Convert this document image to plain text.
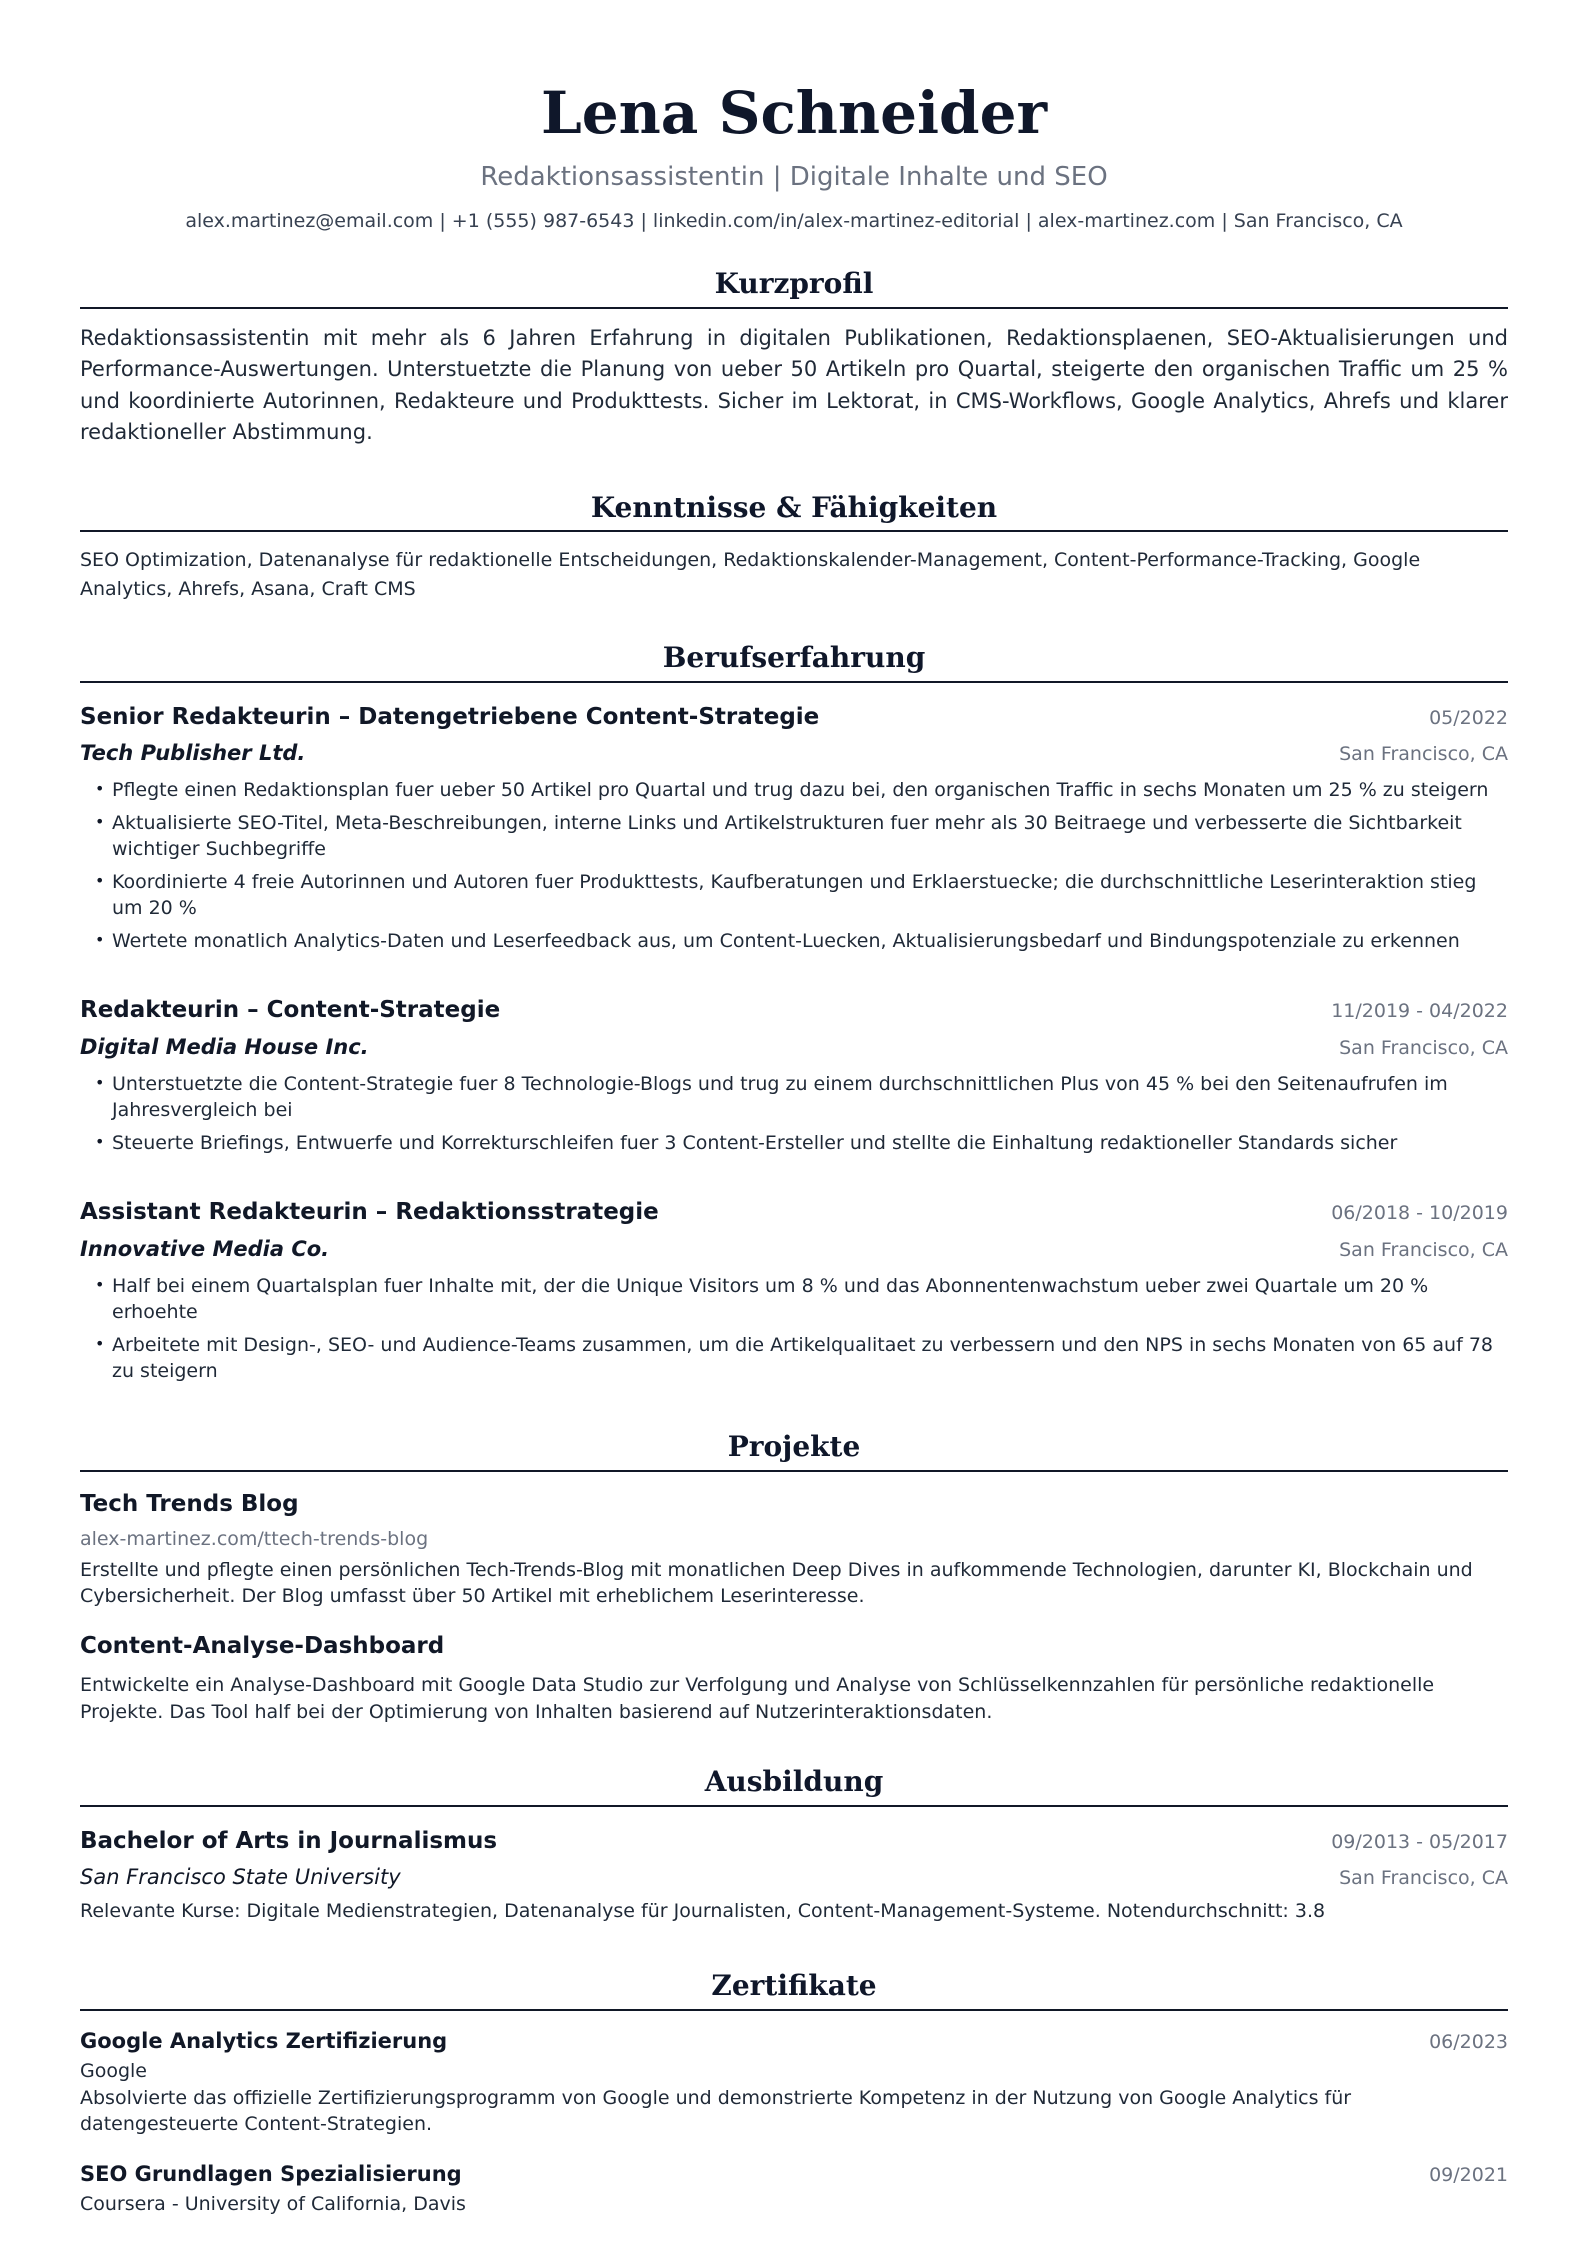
Lena Schneider
Redaktionsassistentin | Digitale Inhalte und SEO
alex.martinez@email.com | +1 (555) 987-6543 | linkedin.com/in/alex-martinez-editorial | alex-martinez.com | San Francisco, CA
Kurzprofil
Redaktionsassistentin mit mehr als 6 Jahren Erfahrung in digitalen Publikationen, Redaktionsplaenen, SEO-Aktualisierungen und Performance-Auswertungen. Unterstuetzte die Planung von ueber 50 Artikeln pro Quartal, steigerte den organischen Traffic um 25 % und koordinierte Autorinnen, Redakteure und Produkttests. Sicher im Lektorat, in CMS-Workflows, Google Analytics, Ahrefs und klarer redaktioneller Abstimmung.
Kenntnisse & Fähigkeiten
SEO Optimization, Datenanalyse für redaktionelle Entscheidungen, Redaktionskalender-Management, Content-Performance-Tracking, Google Analytics, Ahrefs, Asana, Craft CMS
Berufserfahrung
Senior Redakteurin – Datengetriebene Content-Strategie	05/2022
Tech Publisher Ltd.	San Francisco, CA
• Pflegte einen Redaktionsplan fuer ueber 50 Artikel pro Quartal und trug dazu bei, den organischen Traffic in sechs Monaten um 25 % zu steigern
• Aktualisierte SEO-Titel, Meta-Beschreibungen, interne Links und Artikelstrukturen fuer mehr als 30 Beitraege und verbesserte die Sichtbarkeit wichtiger Suchbegriffe
• Koordinierte 4 freie Autorinnen und Autoren fuer Produkttests, Kaufberatungen und Erklaerstuecke; die durchschnittliche Leserinteraktion stieg um 20 %
• Wertete monatlich Analytics-Daten und Leserfeedback aus, um Content-Luecken, Aktualisierungsbedarf und Bindungspotenziale zu erkennen
Redakteurin – Content-Strategie	11/2019 - 04/2022
Digital Media House Inc.	San Francisco, CA
• Unterstuetzte die Content-Strategie fuer 8 Technologie-Blogs und trug zu einem durchschnittlichen Plus von 45 % bei den Seitenaufrufen im Jahresvergleich bei
• Steuerte Briefings, Entwuerfe und Korrekturschleifen fuer 3 Content-Ersteller und stellte die Einhaltung redaktioneller Standards sicher
Assistant Redakteurin – Redaktionsstrategie	06/2018 - 10/2019
Innovative Media Co.	San Francisco, CA
• Half bei einem Quartalsplan fuer Inhalte mit, der die Unique Visitors um 8 % und das Abonnentenwachstum ueber zwei Quartale um 20 % erhoehte
• Arbeitete mit Design-, SEO- und Audience-Teams zusammen, um die Artikelqualitaet zu verbessern und den NPS in sechs Monaten von 65 auf 78 zu steigern
Projekte
Tech Trends Blog
alex-martinez.com/ttech-trends-blog
Erstellte und pflegte einen persönlichen Tech-Trends-Blog mit monatlichen Deep Dives in aufkommende Technologien, darunter KI, Blockchain und Cybersicherheit. Der Blog umfasst über 50 Artikel mit erheblichem Leserinteresse.
Content-Analyse-Dashboard
Entwickelte ein Analyse-Dashboard mit Google Data Studio zur Verfolgung und Analyse von Schlüsselkennzahlen für persönliche redaktionelle Projekte. Das Tool half bei der Optimierung von Inhalten basierend auf Nutzerinteraktionsdaten.
Ausbildung
Bachelor of Arts in Journalismus	09/2013 - 05/2017
San Francisco State University	San Francisco, CA
Relevante Kurse: Digitale Medienstrategien, Datenanalyse für Journalisten, Content-Management-Systeme. Notendurchschnitt: 3.8
Zertifikate
Google Analytics Zertifizierung	06/2023
Google
Absolvierte das offizielle Zertifizierungsprogramm von Google und demonstrierte Kompetenz in der Nutzung von Google Analytics für datengesteuerte Content-Strategien.
SEO Grundlagen Spezialisierung	09/2021
Coursera - University of California, Davis
